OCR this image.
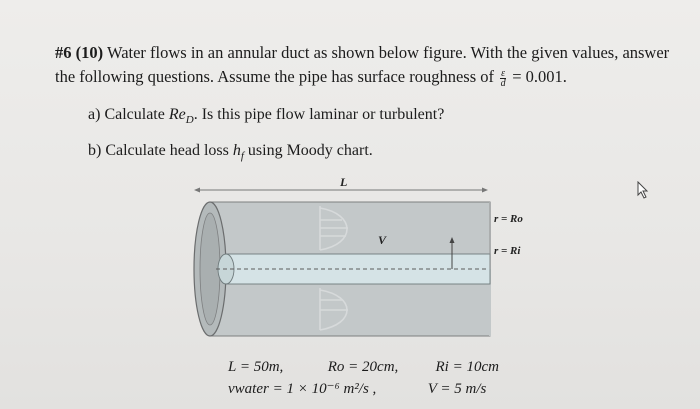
#6 (10) Water flows in an annular duct as shown below figure. With the given values, answer
the following questions. Assume the pipe has surface roughness of $\frac{\varepsilon}{d} = 0.001$.
a) Calculate $Re_D$. Is this pipe flow laminar or turbulent?
b) Calculate head loss $h_f$ using Moody chart.
L
V
r = Ro
r = Ri
L = 50m,	Ro = 20cm, Ri = 10cm
νwater = 1 × 10⁻⁶ m²/s ,	V = 5 m/s
